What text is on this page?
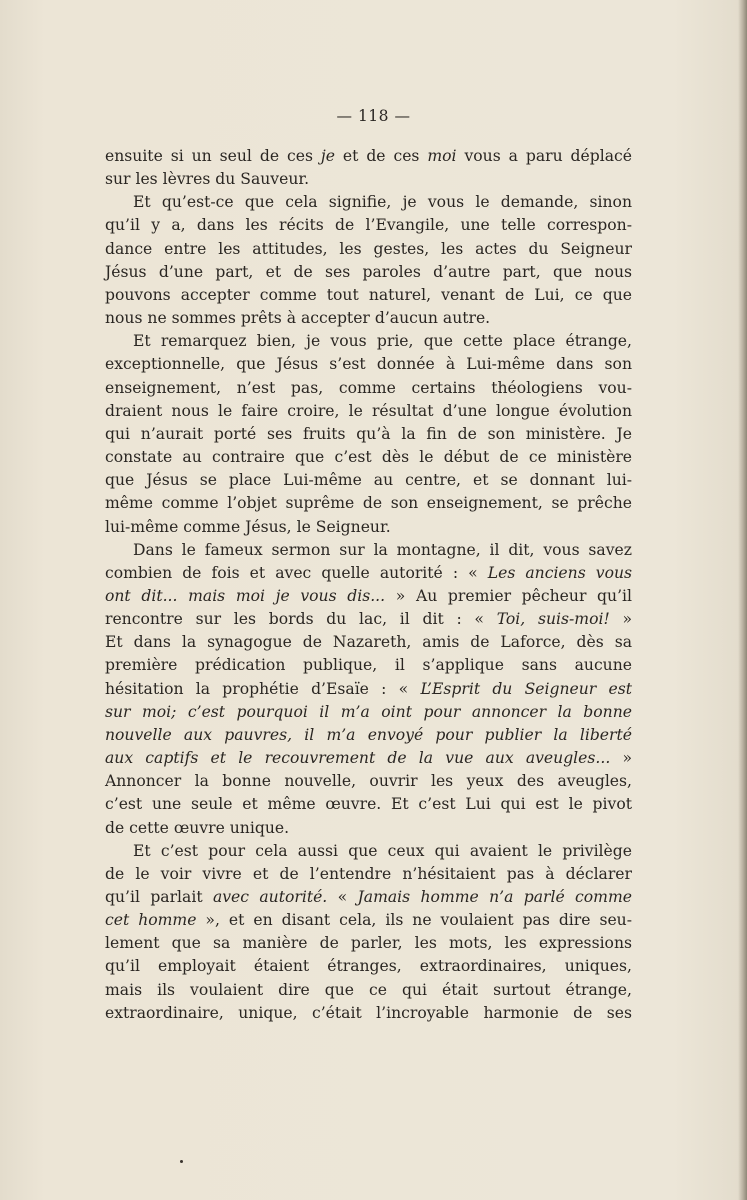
— 118 —
ensuite si un seul de ces je et de ces moi vous a paru déplacé
sur les lèvres du Sauveur.
Et qu’est-ce que cela signifie, je vous le demande, sinon
qu’il y a, dans les récits de l’Evangile, une telle correspon-
dance entre les attitudes, les gestes, les actes du Seigneur
Jésus d’une part, et de ses paroles d’autre part, que nous
pouvons accepter comme tout naturel, venant de Lui, ce que
nous ne sommes prêts à accepter d’aucun autre.
Et remarquez bien, je vous prie, que cette place étrange,
exceptionnelle, que Jésus s’est donnée à Lui-même dans son
enseignement, n’est pas, comme certains théologiens vou-
draient nous le faire croire, le résultat d’une longue évolution
qui n’aurait porté ses fruits qu’à la fin de son ministère. Je
constate au contraire que c’est dès le début de ce ministère
que Jésus se place Lui-même au centre, et se donnant lui-
même comme l’objet suprême de son enseignement, se prêche
lui-même comme Jésus, le Seigneur.
Dans le fameux sermon sur la montagne, il dit, vous savez
combien de fois et avec quelle autorité : « Les anciens vous
ont dit... mais moi je vous dis... » Au premier pêcheur qu’il
rencontre sur les bords du lac, il dit : « Toi, suis-moi! »
Et dans la synagogue de Nazareth, amis de Laforce, dès sa
première prédication publique, il s’applique sans aucune
hésitation la prophétie d’Esaïe : « L’Esprit du Seigneur est
sur moi; c’est pourquoi il m’a oint pour annoncer la bonne
nouvelle aux pauvres, il m’a envoyé pour publier la liberté
aux captifs et le recouvrement de la vue aux aveugles... »
Annoncer la bonne nouvelle, ouvrir les yeux des aveugles,
c’est une seule et même œuvre. Et c’est Lui qui est le pivot
de cette œuvre unique.
Et c’est pour cela aussi que ceux qui avaient le privilège
de le voir vivre et de l’entendre n’hésitaient pas à déclarer
qu’il parlait avec autorité. « Jamais homme n’a parlé comme
cet homme », et en disant cela, ils ne voulaient pas dire seu-
lement que sa manière de parler, les mots, les expressions
qu’il employait étaient étranges, extraordinaires, uniques,
mais ils voulaient dire que ce qui était surtout étrange,
extraordinaire, unique, c’était l’incroyable harmonie de ses
